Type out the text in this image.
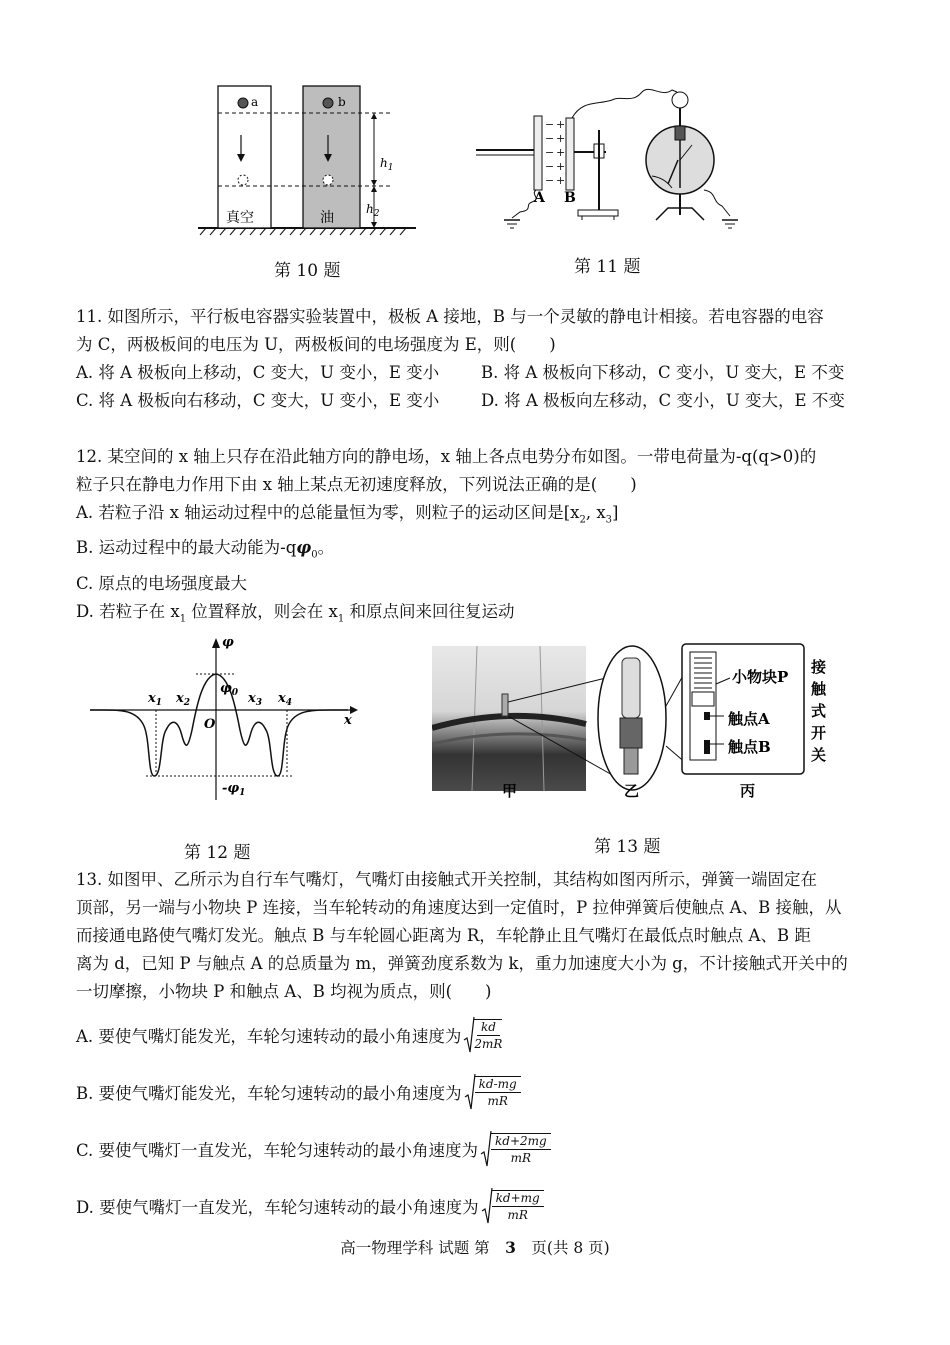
a	b
$h_1$
$h_2$
真空	油
第 10 题
−
−
−
−
−
+
+
+
+
+
A B
第 11 题

11. 如图所示，平行板电容器实验装置中，极板 A 接地，B 与一个灵敏的静电计相接。若电容器的电容

为 C，两极板间的电压为 U，两极板间的电场强度为 E，则(　　)

A. 将 A 极板向上移动，C 变大，U 变小，E 变小	B. 将 A 极板向下移动，C 变小，U 变大，E 不变
C. 将 A 极板向右移动，C 变大，U 变小，E 变小	D. 将 A 极板向左移动，C 变小，U 变大，E 不变

12. 某空间的 x 轴上只存在沿此轴方向的静电场，x 轴上各点电势分布如图。一带电荷量为-q(q>0)的

粒子只在静电力作用下由 x 轴上某点无初速度释放，下列说法正确的是(　　)

A. 若粒子沿 x 轴运动过程中的总能量恒为零，则粒子的运动区间是[$x_2$, $x_3$]

B. 运动过程中的最大动能为$-q\varphi_0$。

C. 原点的电场强度最大

D. 若粒子在 $x_1$ 位置释放，则会在 $x_1$ 和原点间来回往复运动

φ
x
O
$\varphi_0$
$-\varphi_1$
$x_1$ $x_2$	$x_3$ $x_4$
第 12 题
小物块P
触点A
触点B
接
触
式
开
关
甲	乙	丙
第 13 题

13. 如图甲、乙所示为自行车气嘴灯，气嘴灯由接触式开关控制，其结构如图丙所示，弹簧一端固定在

顶部，另一端与小物块 P 连接，当车轮转动的角速度达到一定值时，P 拉伸弹簧后使触点 A、B 接触，从

而接通电路使气嘴灯发光。触点 B 与车轮圆心距离为 R，车轮静止且气嘴灯在最低点时触点 A、B 距

离为 d，已知 P 与触点 A 的总质量为 m，弹簧劲度系数为 k，重力加速度大小为 g，不计接触式开关中的

一切摩擦，小物块 P 和触点 A、B 均视为质点，则(　　)

A. 要使气嘴灯能发光，车轮匀速转动的最小角速度为 $\frac{kd}{2mR}$
B. 要使气嘴灯能发光，车轮匀速转动的最小角速度为 $\frac{kd-mg}{mR}$
C. 要使气嘴灯一直发光，车轮匀速转动的最小角速度为 $\frac{kd+2mg}{mR}$
D. 要使气嘴灯一直发光，车轮匀速转动的最小角速度为 $\frac{kd+mg}{mR}$
高一物理学科 试题 第　3　页(共 8 页)
